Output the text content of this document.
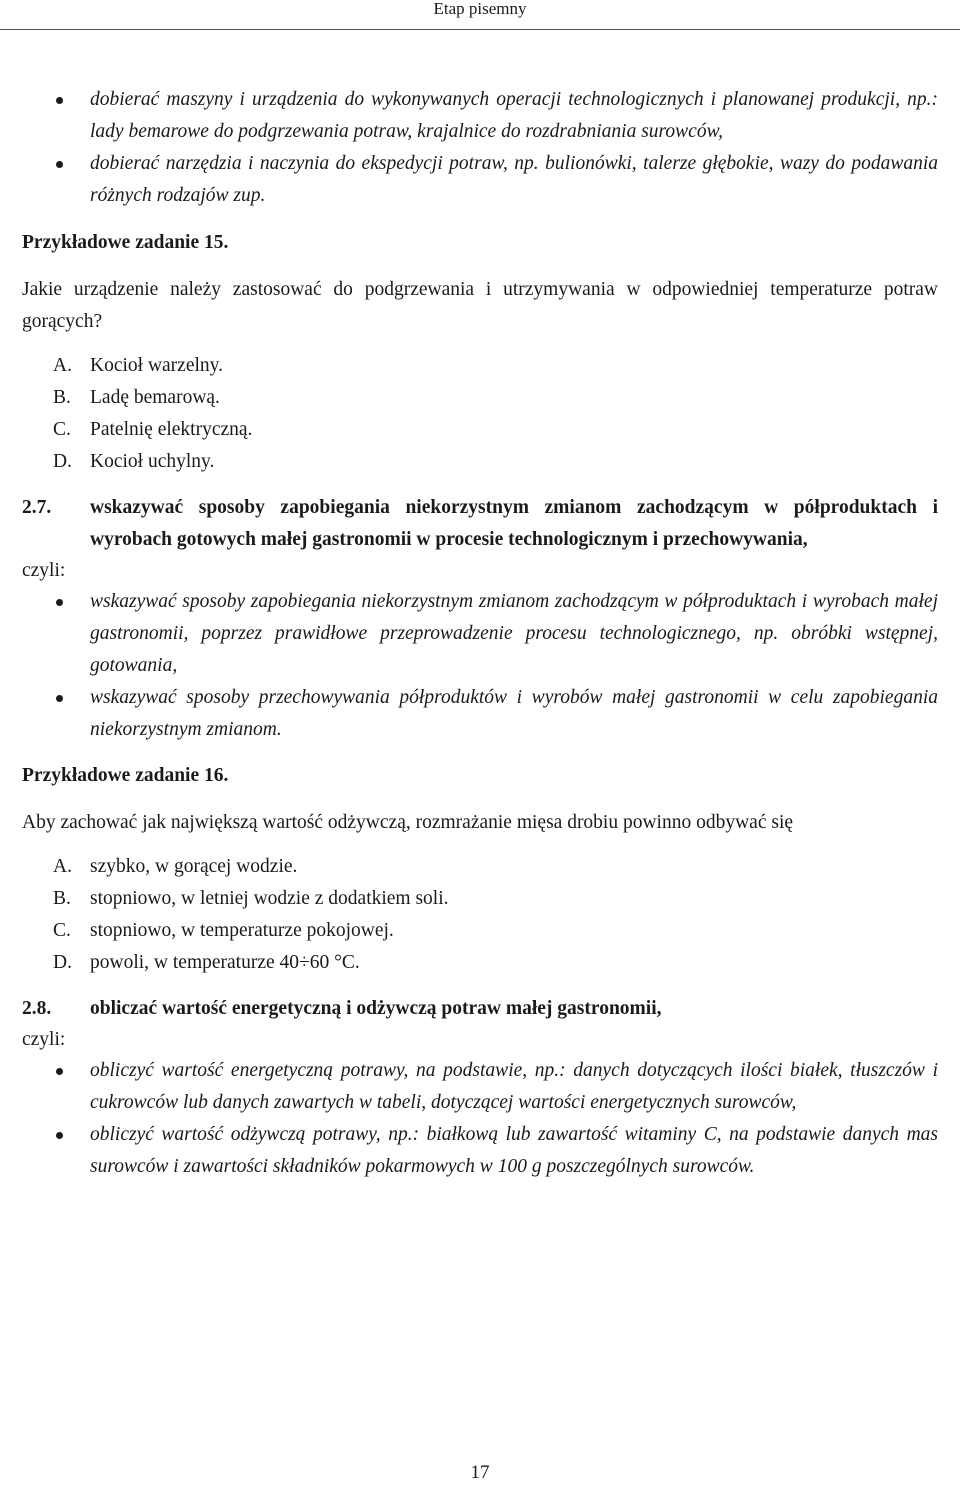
Etap pisemny
dobierać maszyny i urządzenia do wykonywanych operacji technologicznych i planowanej produkcji, np.: lady bemarowe do podgrzewania potraw, krajalnice do rozdrabniania surowców,
dobierać narzędzia i naczynia do ekspedycji potraw, np. bulionówki, talerze głębokie, wazy do podawania różnych rodzajów zup.

Przykładowe zadanie 15.

Jakie urządzenie należy zastosować do podgrzewania i utrzymywania w odpowiedniej temperaturze potraw gorących?

A. Kocioł warzelny.
B. Ladę bemarową.
C. Patelnię elektryczną.
D. Kocioł uchylny.
2.7. wskazywać sposoby zapobiegania niekorzystnym zmianom zachodzącym w półproduktach i wyrobach gotowych małej gastronomii w procesie technologicznym i przechowywania,

czyli:

wskazywać sposoby zapobiegania niekorzystnym zmianom zachodzącym w półproduktach i wyrobach małej gastronomii, poprzez prawidłowe przeprowadzenie procesu technologicznego, np. obróbki wstępnej, gotowania,
wskazywać sposoby przechowywania półproduktów i wyrobów małej gastronomii w celu zapobiegania niekorzystnym zmianom.

Przykładowe zadanie 16.

Aby zachować jak największą wartość odżywczą, rozmrażanie mięsa drobiu powinno odbywać się

A. szybko, w gorącej wodzie.
B. stopniowo, w letniej wodzie z dodatkiem soli.
C. stopniowo, w temperaturze pokojowej.
D. powoli, w temperaturze 40÷60 °C.
2.8. obliczać wartość energetyczną i odżywczą potraw małej gastronomii,

czyli:

obliczyć wartość energetyczną potrawy, na podstawie, np.: danych dotyczących ilości białek, tłuszczów i cukrowców lub danych zawartych w tabeli, dotyczącej wartości energetycznych surowców,
obliczyć wartość odżywczą potrawy, np.: białkową lub zawartość witaminy C, na podstawie danych mas surowców i zawartości składników pokarmowych w 100 g poszczególnych surowców.
17
